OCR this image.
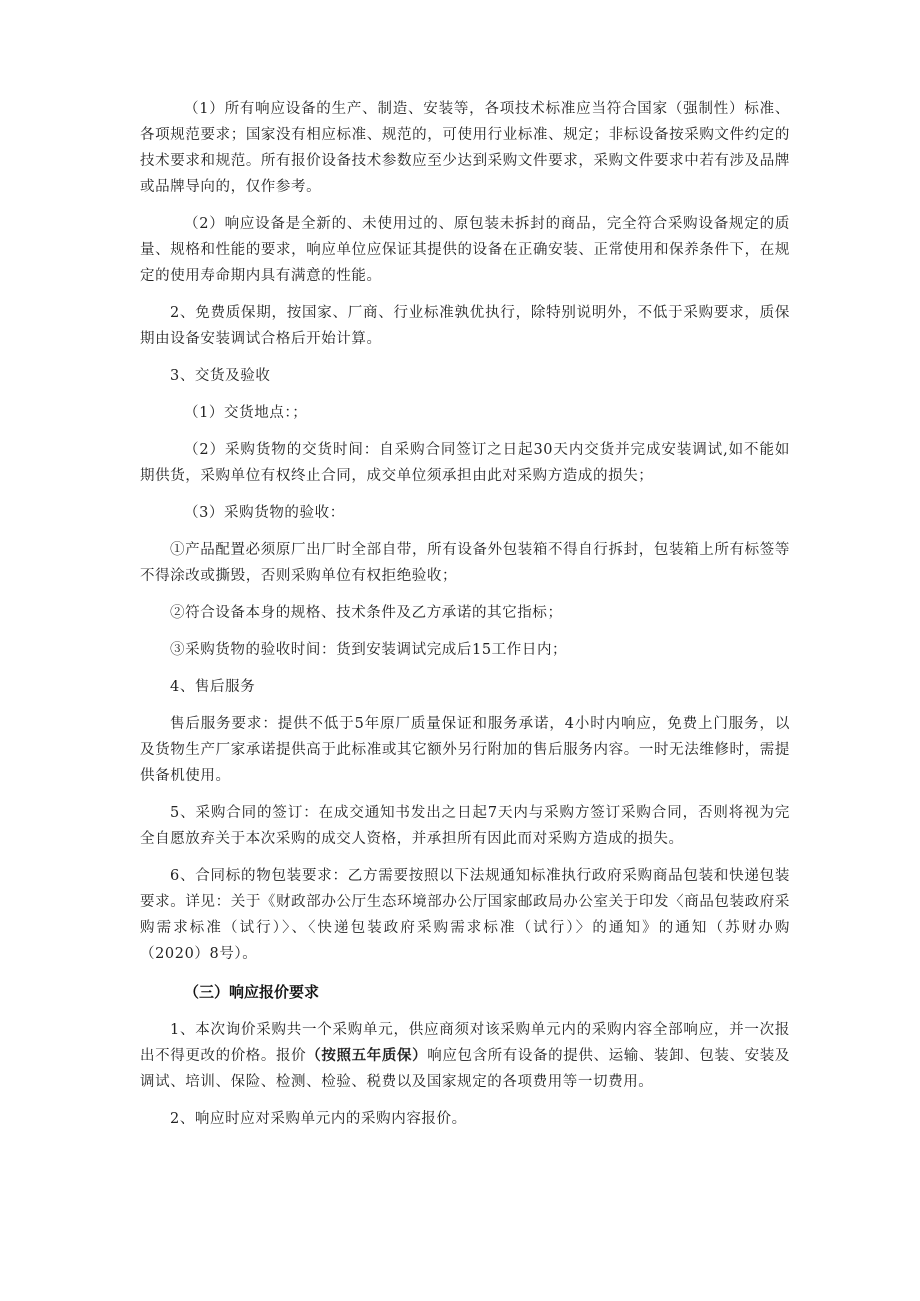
（1）所有响应设备的生产、制造、安装等，各项技术标准应当符合国家（强制性）标准、各项规范要求；国家没有相应标准、规范的，可使用行业标准、规定；非标设备按采购文件约定的技术要求和规范。所有报价设备技术参数应至少达到采购文件要求，采购文件要求中若有涉及品牌或品牌导向的，仅作参考。

（2）响应设备是全新的、未使用过的、原包装未拆封的商品，完全符合采购设备规定的质量、规格和性能的要求，响应单位应保证其提供的设备在正确安装、正常使用和保养条件下，在规定的使用寿命期内具有满意的性能。

2、免费质保期，按国家、厂商、行业标准孰优执行，除特别说明外，不低于采购要求，质保期由设备安装调试合格后开始计算。

3、交货及验收

（1）交货地点：；

（2）采购货物的交货时间：自采购合同签订之日起30天内交货并完成安装调试,如不能如期供货，采购单位有权终止合同，成交单位须承担由此对采购方造成的损失；

（3）采购货物的验收：

①产品配置必须原厂出厂时全部自带，所有设备外包装箱不得自行拆封，包装箱上所有标签等不得涂改或撕毁，否则采购单位有权拒绝验收；

②符合设备本身的规格、技术条件及乙方承诺的其它指标；

③采购货物的验收时间：货到安装调试完成后15工作日内；

4、售后服务

售后服务要求：提供不低于5年原厂质量保证和服务承诺，4小时内响应，免费上门服务，以及货物生产厂家承诺提供高于此标准或其它额外另行附加的售后服务内容。一时无法维修时，需提供备机使用。

5、采购合同的签订：在成交通知书发出之日起7天内与采购方签订采购合同，否则将视为完全自愿放弃关于本次采购的成交人资格，并承担所有因此而对采购方造成的损失。

6、合同标的物包装要求：乙方需要按照以下法规通知标准执行政府采购商品包装和快递包装要求。详见：关于《财政部办公厅生态环境部办公厅国家邮政局办公室关于印发〈商品包装政府采购需求标准（试行）〉、〈快递包装政府采购需求标准（试行）〉的通知》的通知（苏财办购（2020）8号）。

（三）响应报价要求

1、本次询价采购共一个采购单元，供应商须对该采购单元内的采购内容全部响应，并一次报出不得更改的价格。报价（按照五年质保）响应包含所有设备的提供、运输、装卸、包装、安装及调试、培训、保险、检测、检验、税费以及国家规定的各项费用等一切费用。

2、响应时应对采购单元内的采购内容报价。
